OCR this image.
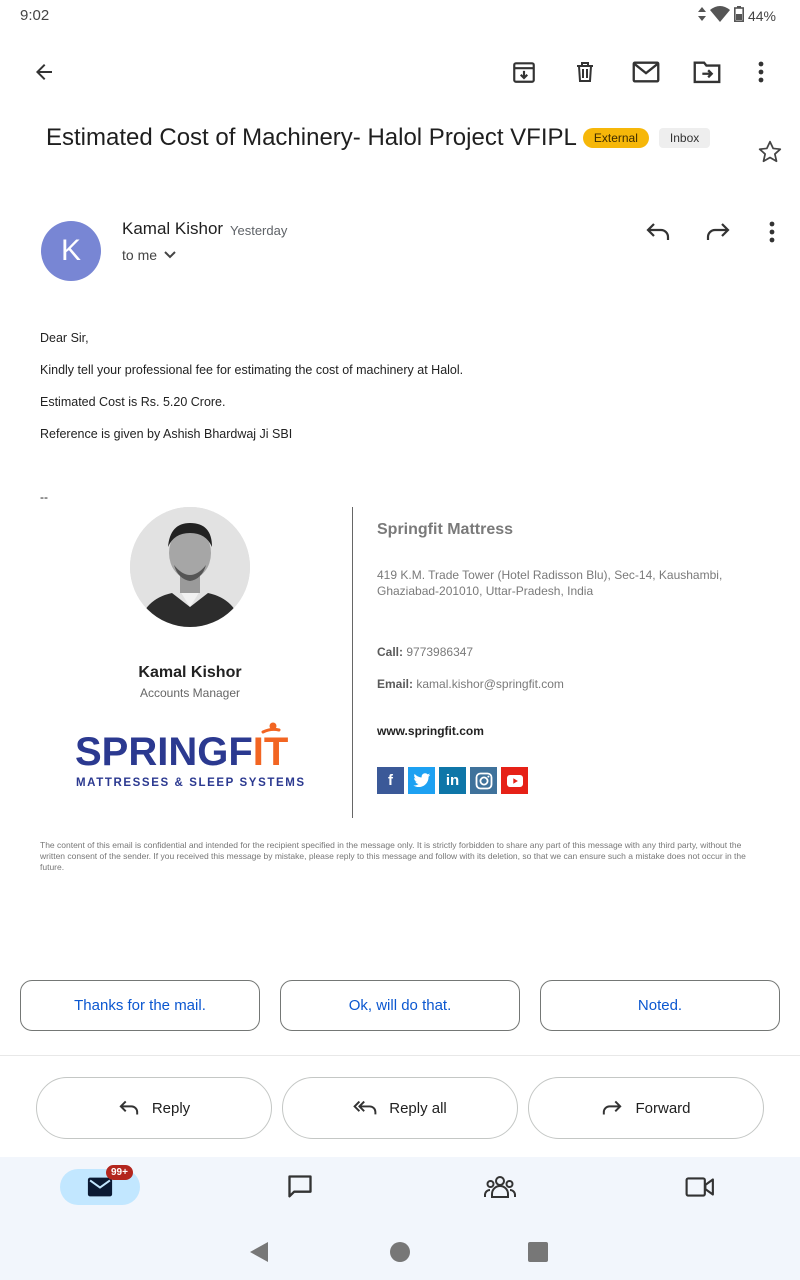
9:02	44%
Estimated Cost of Machinery- Halol Project VFIPL	External	Inbox
K
Kamal Kishor Yesterday
to me

Dear Sir,

Kindly tell your professional fee for estimating the cost of machinery at Halol.

Estimated Cost is Rs. 5.20 Crore.

Reference is given by Ashish Bhardwaj Ji SBI

--
Kamal Kishor
Accounts Manager
SPRINGFIT
MATTRESSES & SLEEP SYSTEMS
Springfit Mattress
419 K.M. Trade Tower (Hotel Radisson Blu), Sec-14, Kaushambi, Ghaziabad-201010, Uttar-Pradesh, India
Call: 9773986347
Email: kamal.kishor@springfit.com
www.springfit.com
f	in

The content of this email is confidential and intended for the recipient specified in the message only. It is strictly forbidden to share any part of this message with any third party, without the written consent of the sender. If you received this message by mistake, please reply to this message and follow with its deletion, so that we can ensure such a mistake does not occur in the future.

Thanks for the mail.	Ok, will do that.	Noted.
Reply	Reply all	Forward
99+
